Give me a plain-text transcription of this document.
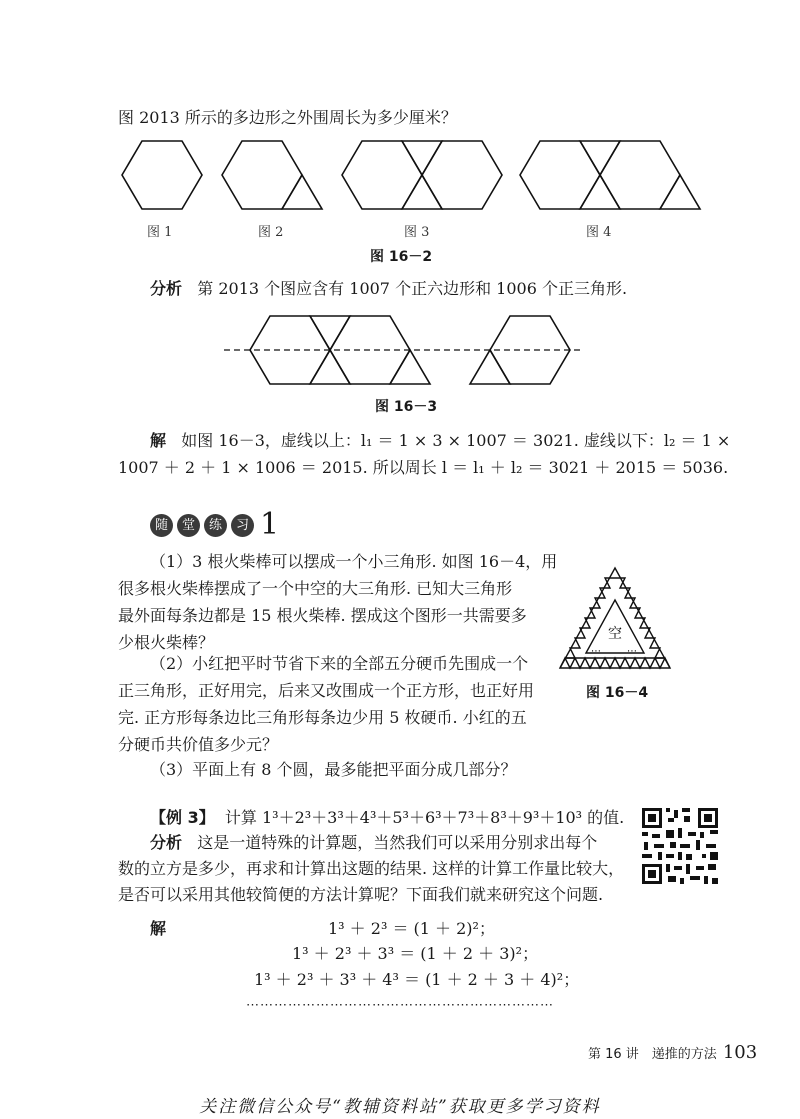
图 2013 所示的多边形之外围周长为多少厘米？
图 1	图 2	图 3	图 4
图 16－2
分析 第 2013 个图应含有 1007 个正六边形和 1006 个正三角形.
图 16－3
解 如图 16－3，虚线以上：l₁ ＝ 1 × 3 × 1007 ＝ 3021. 虚线以下：l₂ ＝ 1 ×
1007 ＋ 2 ＋ 1 × 1006 ＝ 2015. 所以周长 l ＝ l₁ ＋ l₂ ＝ 3021 ＋ 2015 ＝ 5036.
随	堂	练	习 1
（1）3 根火柴棒可以摆成一个小三角形. 如图 16－4，用
很多根火柴棒摆成了一个中空的大三角形. 已知大三角形
最外面每条边都是 15 根火柴棒. 摆成这个图形一共需要多
少根火柴棒？
（2）小红把平时节省下来的全部五分硬币先围成一个
正三角形，正好用完，后来又改围成一个正方形，也正好用
完. 正方形每条边比三角形每条边少用 5 枚硬币. 小红的五
分硬币共价值多少元？
（3）平面上有 8 个圆，最多能把平面分成几部分？
空
⋯	⋯
图 16－4
【例 3】 计算 1³＋2³＋3³＋4³＋5³＋6³＋7³＋8³＋9³＋10³ 的值.
分析 这是一道特殊的计算题，当然我们可以采用分别求出每个
数的立方是多少，再求和计算出这题的结果. 这样的计算工作量比较大，
是否可以采用其他较简便的方法计算呢？下面我们就来研究这个问题.
解	1³ ＋ 2³ ＝ (1 ＋ 2)²；
1³ ＋ 2³ ＋ 3³ ＝ (1 ＋ 2 ＋ 3)²；
1³ ＋ 2³ ＋ 3³ ＋ 4³ ＝ (1 ＋ 2 ＋ 3 ＋ 4)²；
⋯⋯⋯⋯⋯⋯⋯⋯⋯⋯⋯⋯⋯⋯⋯⋯⋯⋯⋯⋯⋯⋯
第 16 讲　递推的方法 103
关注微信公众号“教辅资料站”获取更多学习资料
